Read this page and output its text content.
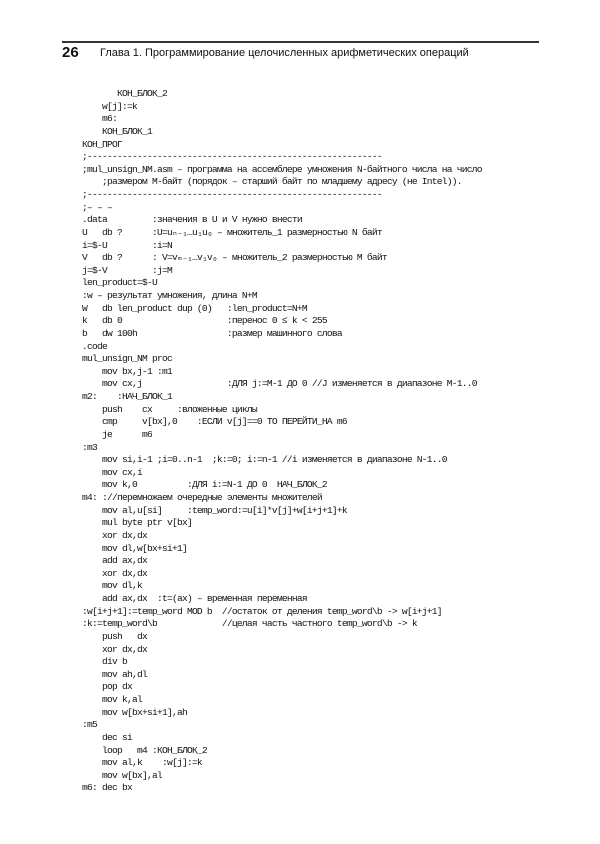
26 Глава 1. Программирование целочисленных арифметических операций
КОН_БЛОК_2
w[j]:=k
m6:
КОН_БЛОК_1
КОН_ПРОГ
;-----------------------------------------------------------
;mul_unsign_NM.asm – программа на ассемблере умножения N-байтного числа на число
;размером М-байт (порядок – старший байт по младшему адресу (не Intel)).
;-----------------------------------------------------------
;– – –
.data         :значения в U и V нужно внести
U   db ?      :U=uₙ₋₁…u₁u₀ – множитель_1 размерностью N байт
i=$-U         :i=N
V   db ?      : V=vₘ₋₁…v₁v₀ – множитель_2 размерностью М байт
j=$-V         :j=M
len_product=$-U
:w – результат умножения, длина N+M
W   db len_product dup (0)   :len_product=N+M
k   db 0                     :перенос 0 ≤ k < 255
b   dw 100h                  :размер машинного слова
.code
mul_unsign_NM proc
mov bx,j-1 :m1
mov cx,j                 :ДЛЯ j:=M-1 ДО 0 //J изменяется в диапазоне M-1..0
m2:    :НАЧ_БЛОК_1
push    cx     :вложенные циклы
cmp     v[bx],0    :ЕСЛИ v[j]==0 ТО ПЕРЕЙТИ_НА m6
je      m6
:m3
mov si,i-1 ;i=0..n-1  ;k:=0; i:=n-1 //i изменяется в диапазоне N-1..0
mov cx,i
mov k,0          :ДЛЯ i:=N-1 ДО 0  НАЧ_БЛОК_2
m4: ://перемножаем очередные элементы множителей
mov al,u[si]     :temp_word:=u[i]*v[j]+w[i+j+1]+k
mul byte ptr v[bx]
xor dx,dx
mov dl,w[bx+si+1]
add ax,dx
xor dx,dx
mov dl,k
add ax,dx  :t=(ax) – временная переменная
:w[i+j+1]:=temp_word MOD b  //остаток от деления temp_word\b -> w[i+j+1]
:k:=temp_word\b             //целая часть частного temp_word\b -> k
push   dx
xor dx,dx
div b
mov ah,dl
pop dx
mov k,al
mov w[bx+si+1],ah
:m5
dec si
loop   m4 :КОН_БЛОК_2
mov al,k    :w[j]:=k
mov w[bx],al
m6: dec bx
